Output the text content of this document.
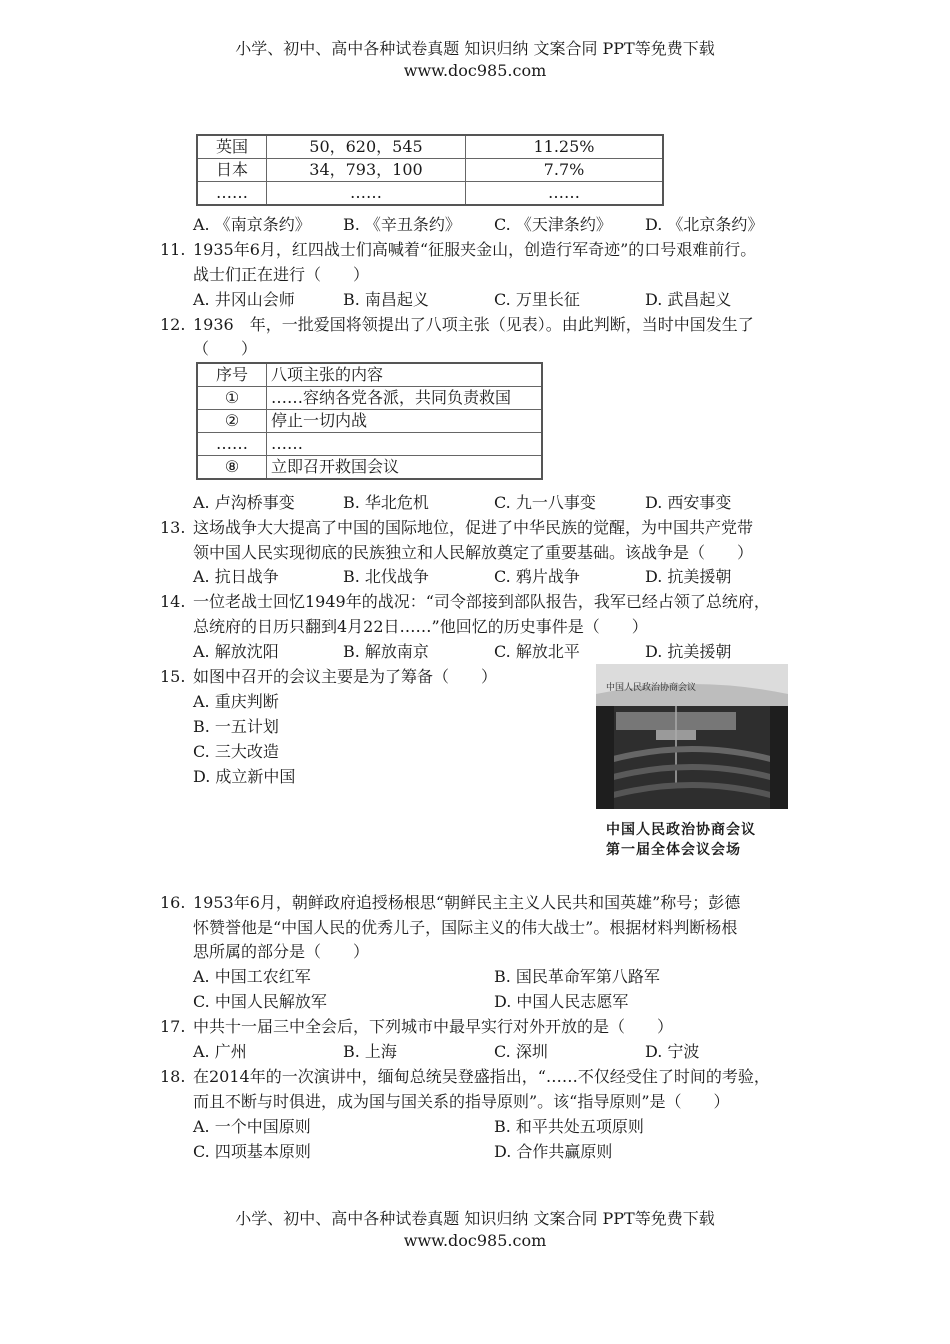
小学、初中、高中各种试卷真题 知识归纳 文案合同 PPT等免费下载
www.doc985.com
英国	50，620，545	11.25%
日本	34，793，100	7.7%
……	……	……
A. 《南京条约》 B. 《辛丑条约》 C. 《天津条约》 D. 《北京条约》
11. 1935年6月，红四战士们高喊着“征服夹金山，创造行军奇迹”的口号艰难前行。
战士们正在进行（　　）
A. 井冈山会师	B. 南昌起义	C. 万里长征	D. 武昌起义
12. 1936　年，一批爱国将领提出了八项主张（见表）。由此判断，当时中国发生了
（　　）
序号	八项主张的内容
①	……容纳各党各派，共同负责救国
②	停止一切内战
……	……
⑧	立即召开救国会议
A. 卢沟桥事变	B. 华北危机	C. 九一八事变	D. 西安事变
13. 这场战争大大提高了中国的国际地位，促进了中华民族的觉醒，为中国共产党带
领中国人民实现彻底的民族独立和人民解放奠定了重要基础。该战争是（　　）
A. 抗日战争	B. 北伐战争	C. 鸦片战争	D. 抗美援朝
14. 一位老战士回忆1949年的战况：“司令部接到部队报告，我军已经占领了总统府，
总统府的日历只翻到4月22日……”他回忆的历史事件是（　　）
A. 解放沈阳	B. 解放南京	C. 解放北平	D. 抗美援朝
15. 如图中召开的会议主要是为了筹备（　　）
A. 重庆判断
B. 一五计划
C. 三大改造
D. 成立新中国
中国人民政治协商会议
中国人民政治协商会议
第一届全体会议会场
16. 1953年6月，朝鲜政府追授杨根思“朝鲜民主主义人民共和国英雄”称号；彭德
怀赞誉他是“中国人民的优秀儿子，国际主义的伟大战士”。根据材料判断杨根
思所属的部分是（　　）
A. 中国工农红军	B. 国民革命军第八路军
C. 中国人民解放军	D. 中国人民志愿军
17. 中共十一届三中全会后，下列城市中最早实行对外开放的是（　　）
A. 广州	B. 上海	C. 深圳	D. 宁波
18. 在2014年的一次演讲中，缅甸总统吴登盛指出，“……不仅经受住了时间的考验，
而且不断与时俱进，成为国与国关系的指导原则”。该“指导原则”是（　　）
A. 一个中国原则	B. 和平共处五项原则
C. 四项基本原则	D. 合作共赢原则
小学、初中、高中各种试卷真题 知识归纳 文案合同 PPT等免费下载
www.doc985.com
